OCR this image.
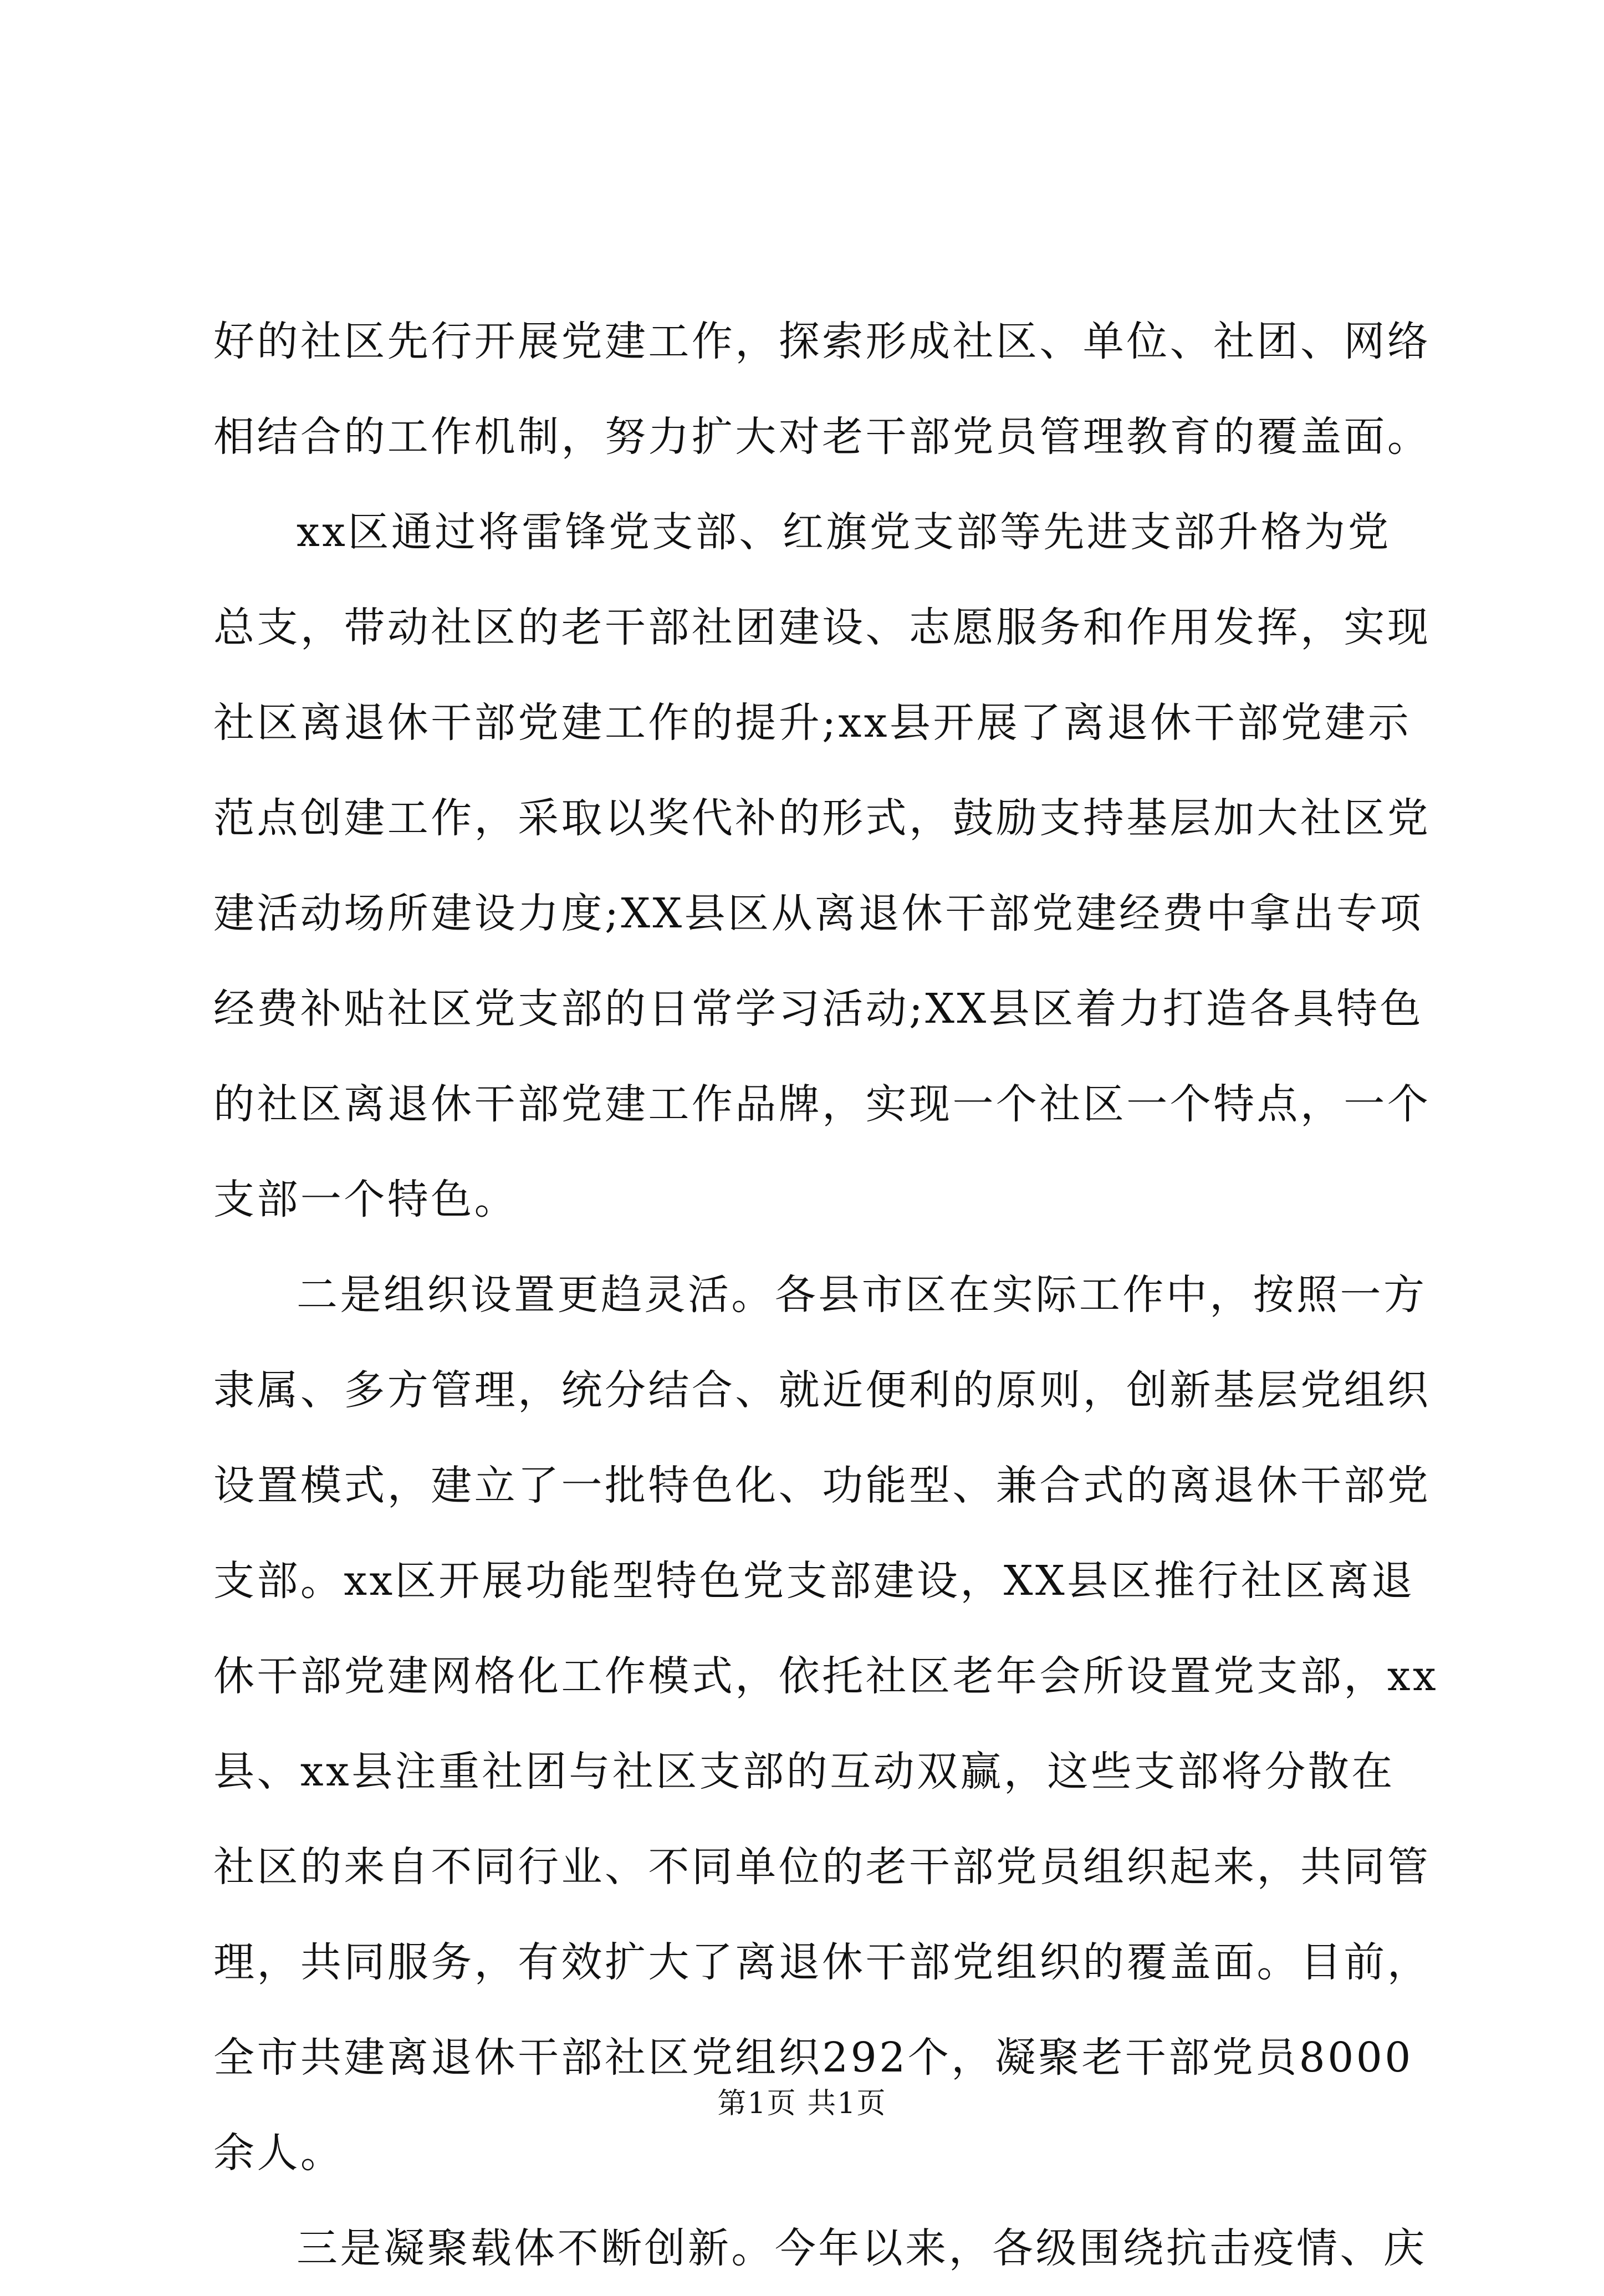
好的社区先行开展党建工作，探索形成社区、单位、社团、网络
相结合的工作机制，努力扩大对老干部党员管理教育的覆盖面。
xx区通过将雷锋党支部、红旗党支部等先进支部升格为党
总支，带动社区的老干部社团建设、志愿服务和作用发挥，实现
社区离退休干部党建工作的提升;xx县开展了离退休干部党建示
范点创建工作，采取以奖代补的形式，鼓励支持基层加大社区党
建活动场所建设力度;XX县区从离退休干部党建经费中拿出专项
经费补贴社区党支部的日常学习活动;XX县区着力打造各具特色
的社区离退休干部党建工作品牌，实现一个社区一个特点，一个
支部一个特色。
二是组织设置更趋灵活。各县市区在实际工作中，按照一方
隶属、多方管理，统分结合、就近便利的原则，创新基层党组织
设置模式，建立了一批特色化、功能型、兼合式的离退休干部党
支部。xx区开展功能型特色党支部建设，XX县区推行社区离退
休干部党建网格化工作模式，依托社区老年会所设置党支部，xx
县、xx县注重社团与社区支部的互动双赢，这些支部将分散在
社区的来自不同行业、不同单位的老干部党员组织起来，共同管
理，共同服务，有效扩大了离退休干部党组织的覆盖面。目前，
全市共建离退休干部社区党组织292个，凝聚老干部党员8000
余人。
三是凝聚载体不断创新。今年以来，各级围绕抗击疫情、庆
第1页 共1页
